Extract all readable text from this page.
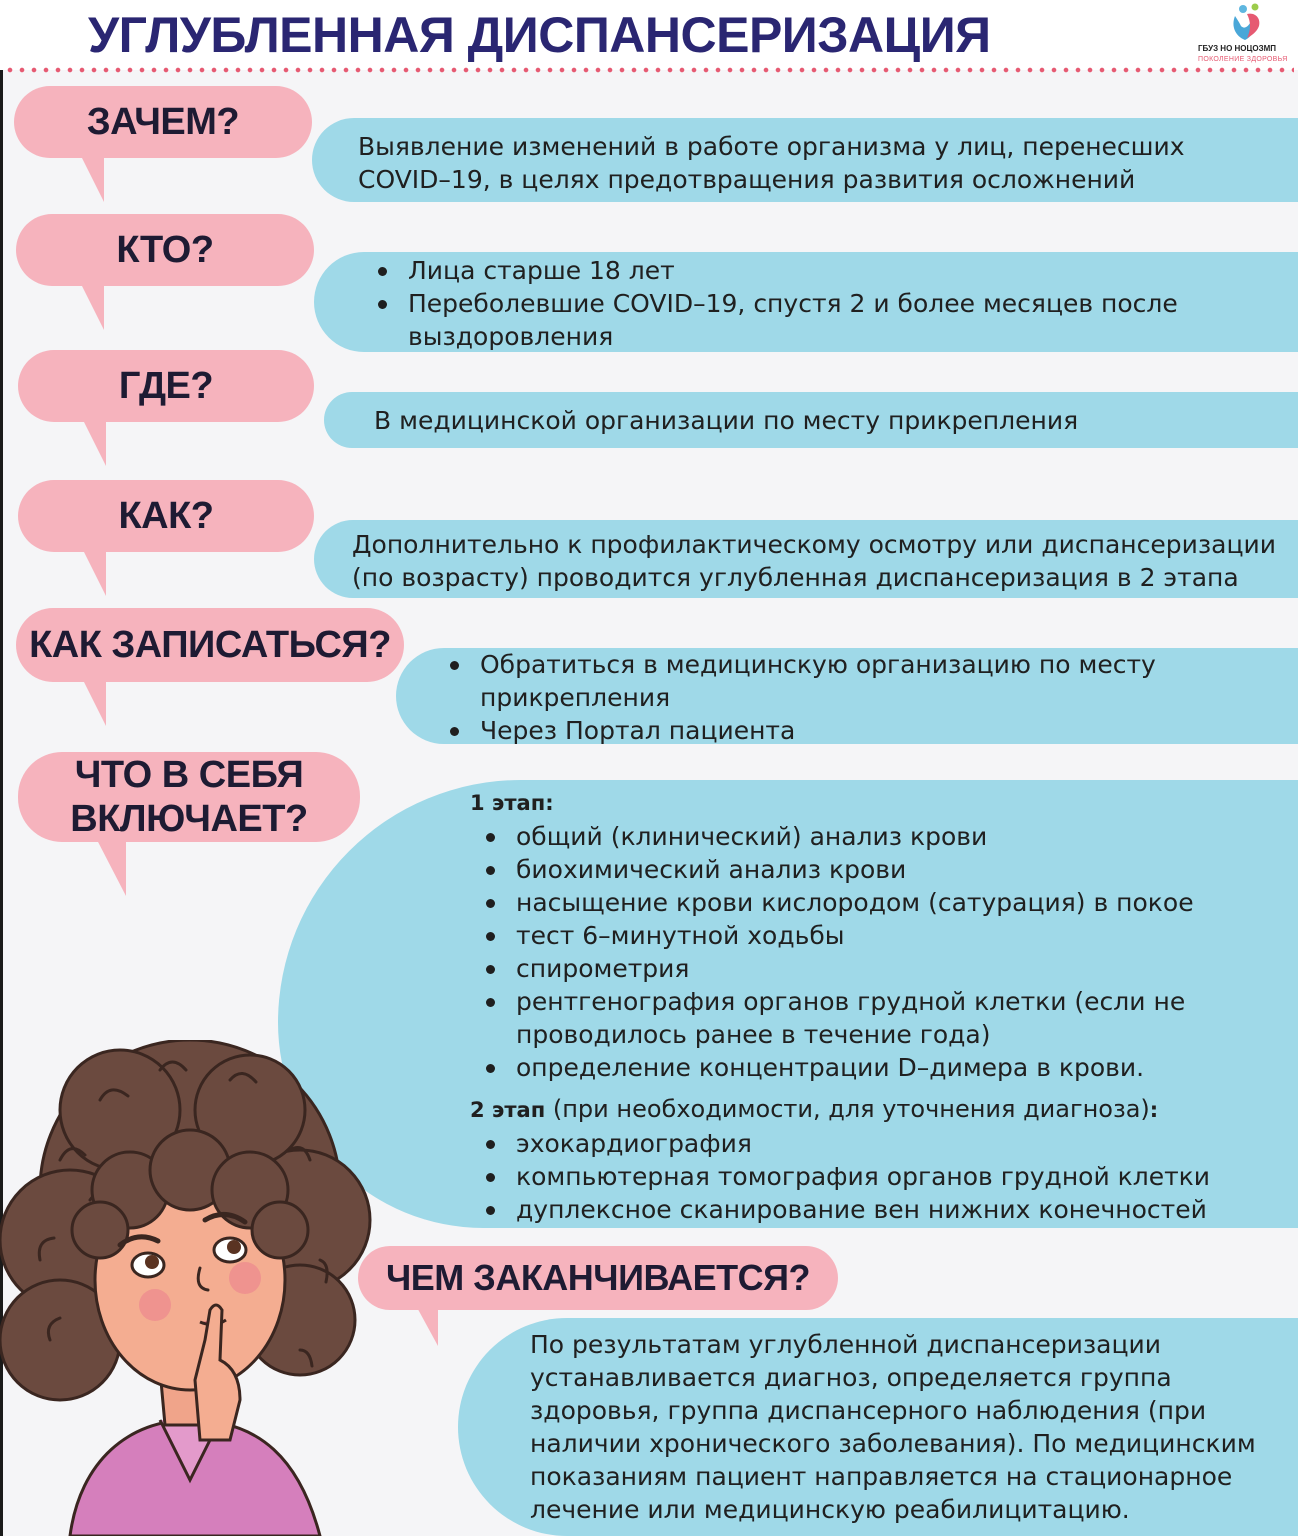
УГЛУБЛЕННАЯ ДИСПАНСЕРИЗАЦИЯ	ГБУЗ НО НОЦОЗМП
ПОКОЛЕНИЕ ЗДОРОВЬЯ
ЗАЧЕМ?

Выявление изменений в работе организма у лиц, перенесших COVID–19, в целях предотвращения развития осложнений

КТО?	Лица старше 18 лет
Переболевшие COVID–19, спустя 2 и более месяцев после выздоровления
ГДЕ?

В медицинской организации по месту прикрепления

КАК?

Дополнительно к профилактическому осмотру или диспансеризации (по возрасту) проводится углубленная диспансеризация в 2 этапа

КАК ЗАПИСАТЬСЯ?	Обратиться в медицинскую организацию по месту прикрепления
Через Портал пациента

1 этап:

общий (клинический) анализ крови
биохимический анализ крови
насыщение крови кислородом (сатурация) в покое
тест 6–минутной ходьбы
спирометрия
рентгенография органов грудной клетки (если не проводилось ранее в течение года)
определение концентрации D–димера в крови.

2 этап (при необходимости, для уточнения диагноза):

эхокардиография
компьютерная томография органов грудной клетки
дуплексное сканирование вен нижних конечностей
ЧТО В СЕБЯ
ВКЛЮЧАЕТ?

По результатам углубленной диспансеризации устанавливается диагноз, определяется группа здоровья, группа диспансерного наблюдения (при наличии хронического заболевания). По медицинским показаниям пациент направляется на стационарное лечение или медицинскую реабилицитацию.

ЧЕМ ЗАКАНЧИВАЕТСЯ?
